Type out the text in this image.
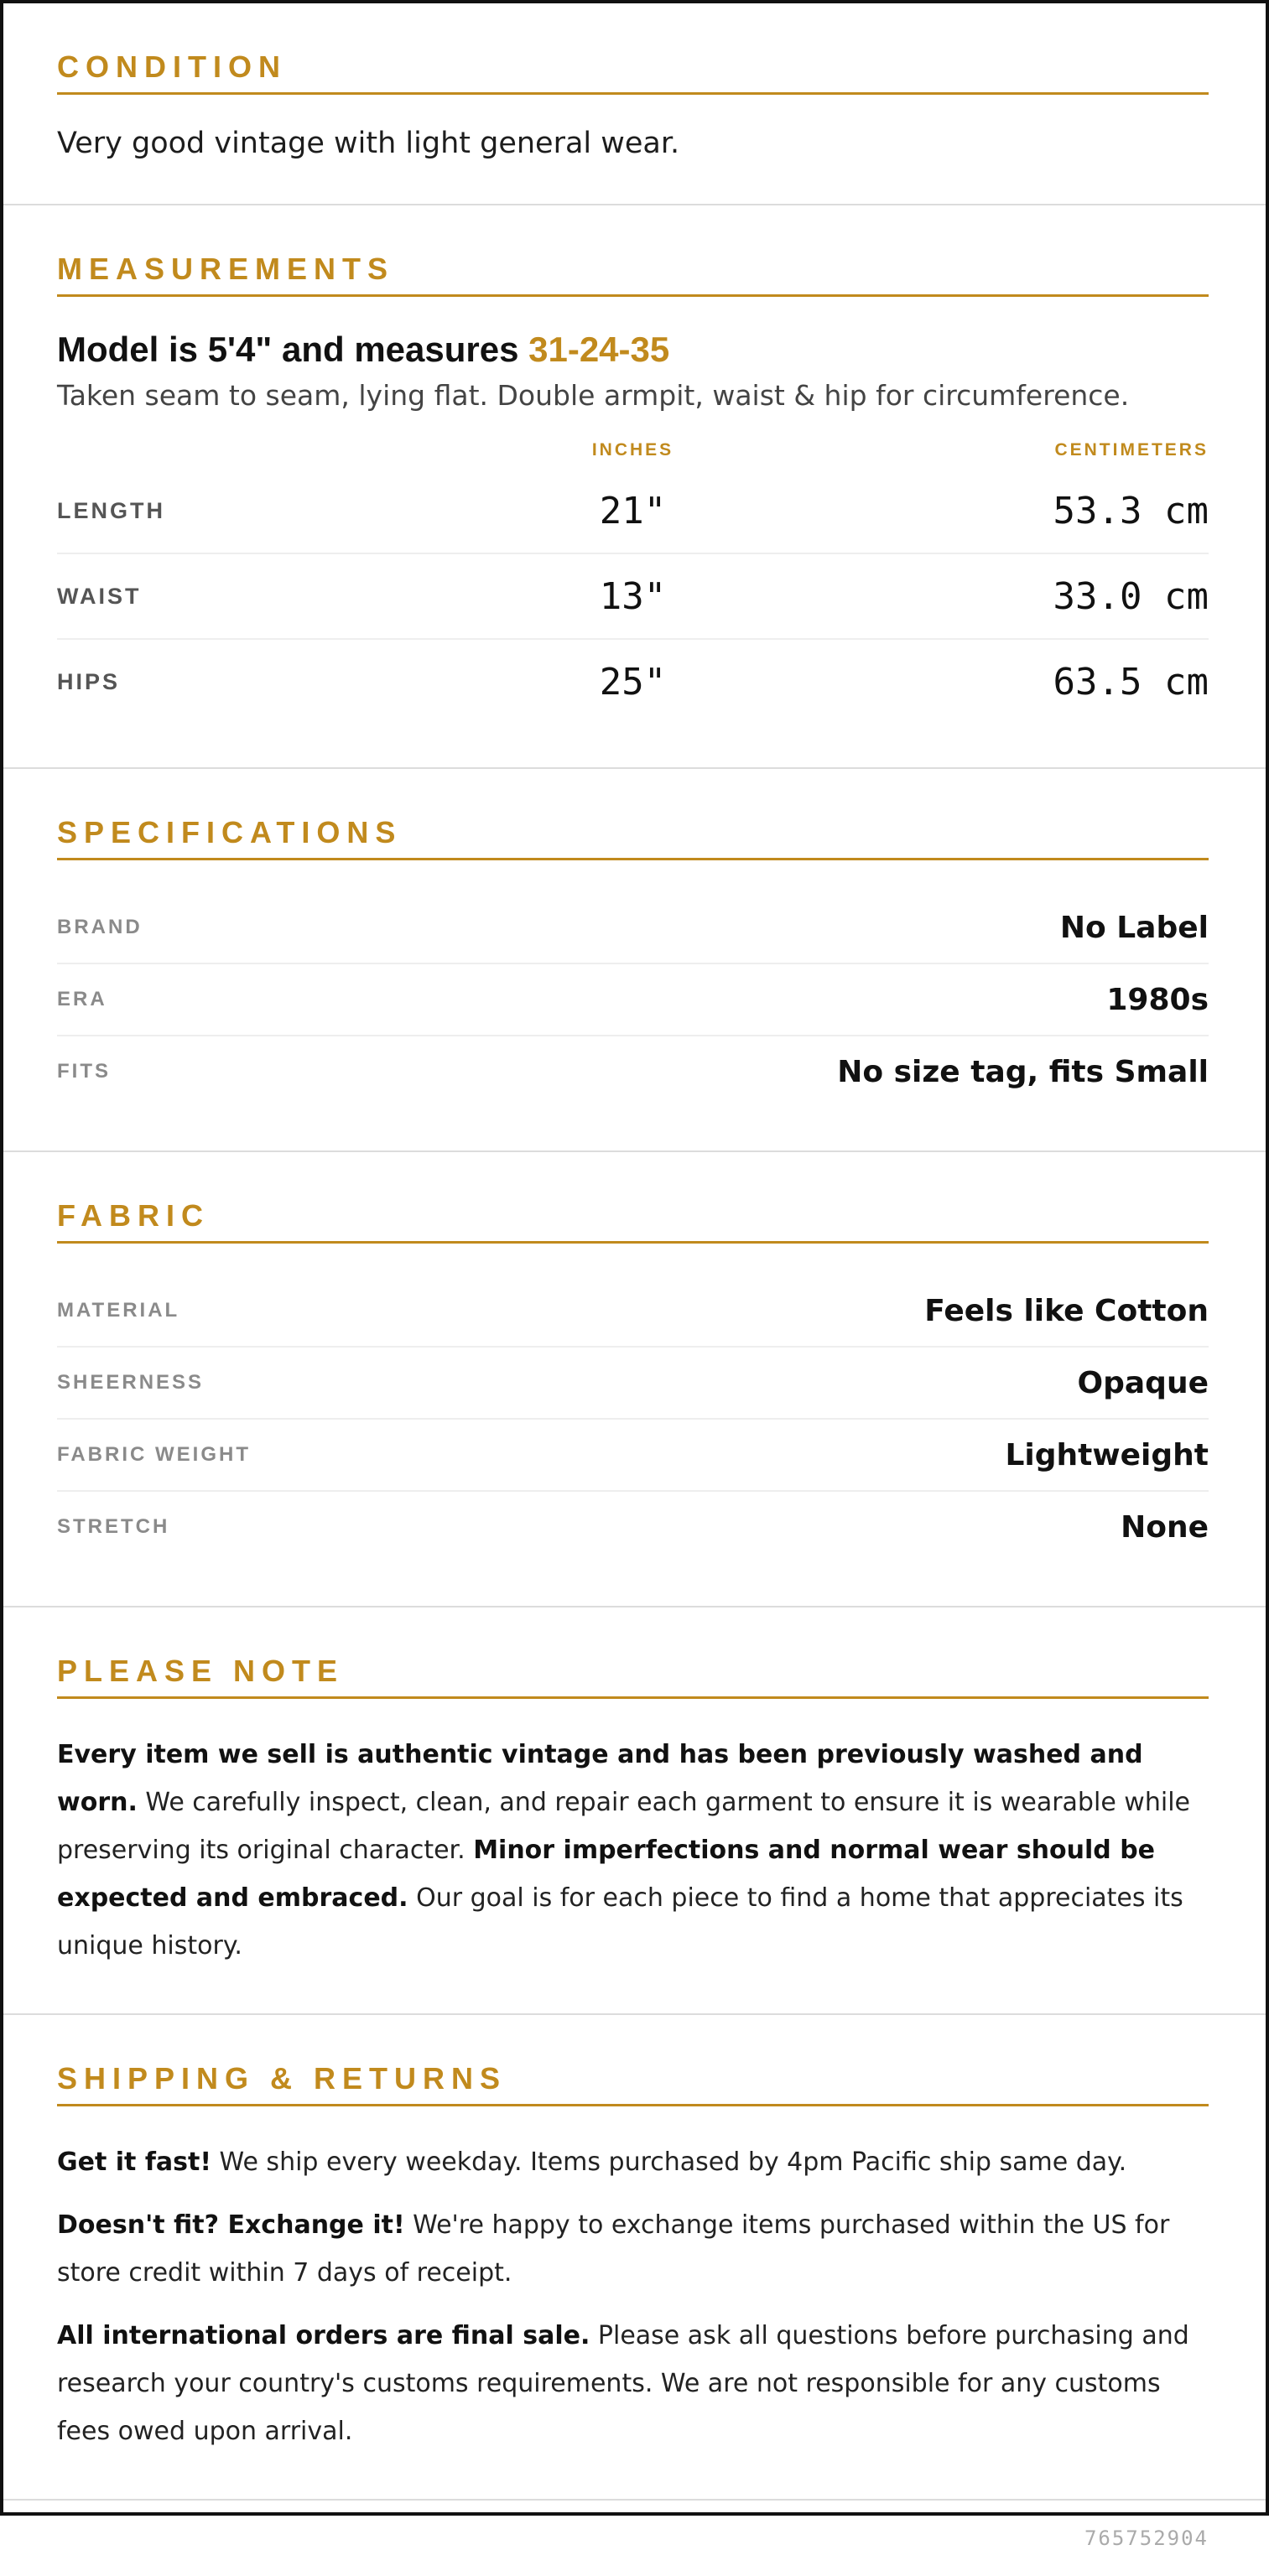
CONDITION

Very good vintage with light general wear.

MEASUREMENTS
Model is 5'4" and measures 31-24-35
Taken seam to seam, lying flat. Double armpit, waist & hip for circumference.
INCHES	CENTIMETERS
LENGTH	21"	53.3 cm
WAIST	13"	33.0 cm
HIPS	25"	63.5 cm
SPECIFICATIONS
BRAND	No Label
ERA	1980s
FITS	No size tag, fits Small
FABRIC
MATERIAL	Feels like Cotton
SHEERNESS	Opaque
FABRIC WEIGHT	Lightweight
STRETCH	None
PLEASE NOTE

Every item we sell is authentic vintage and has been previously washed and worn. We carefully inspect, clean, and repair each garment to ensure it is wearable while preserving its original character. Minor imperfections and normal wear should be expected and embraced. Our goal is for each piece to find a home that appreciates its unique history.

SHIPPING & RETURNS

Get it fast! We ship every weekday. Items purchased by 4pm Pacific ship same day.

Doesn't fit? Exchange it! We're happy to exchange items purchased within the US for store credit within 7 days of receipt.

All international orders are final sale. Please ask all questions before purchasing and research your country's customs requirements. We are not responsible for any customs fees owed upon arrival.

765752904
